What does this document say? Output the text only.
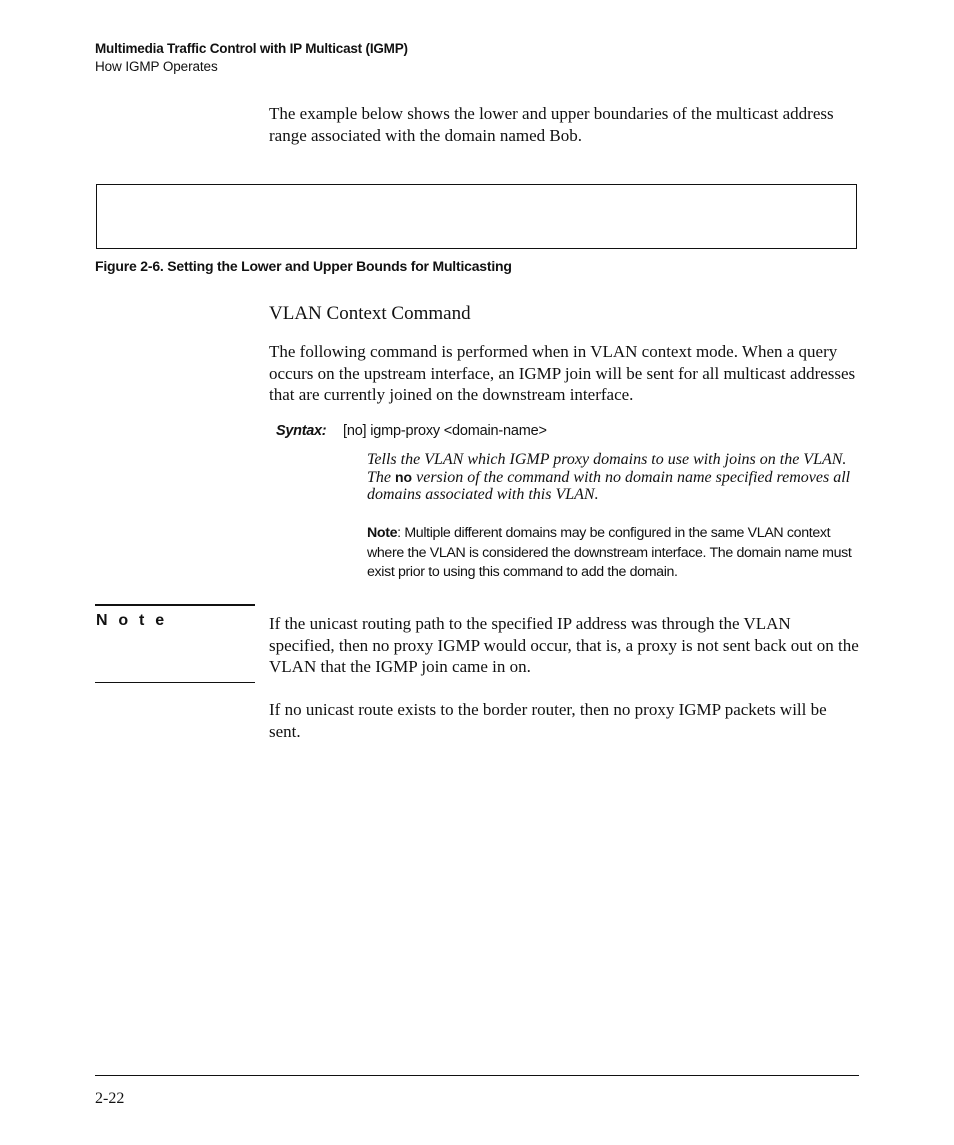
Multimedia Traffic Control with IP Multicast (IGMP)
How IGMP Operates
The example below shows the lower and upper boundaries of the multicast address range associated with the domain named Bob.
Figure 2-6. Setting the Lower and Upper Bounds for Multicasting
VLAN Context Command
The following command is performed when in VLAN context mode. When a query occurs on the upstream interface, an IGMP join will be sent for all multicast addresses that are currently joined on the downstream interface.
Syntax: [no] igmp-proxy <domain-name>
Tells the VLAN which IGMP proxy domains to use with joins on the VLAN. The no version of the command with no domain name specified removes all domains associated with this VLAN.
Note: Multiple different domains may be configured in the same VLAN context where the VLAN is considered the downstream interface. The domain name must exist prior to using this command to add the domain.
N o t e	If the unicast routing path to the specified IP address was through the VLAN specified, then no proxy IGMP would occur, that is, a proxy is not sent back out on the VLAN that the IGMP join came in on.
If no unicast route exists to the border router, then no proxy IGMP packets will be sent.
2-22
